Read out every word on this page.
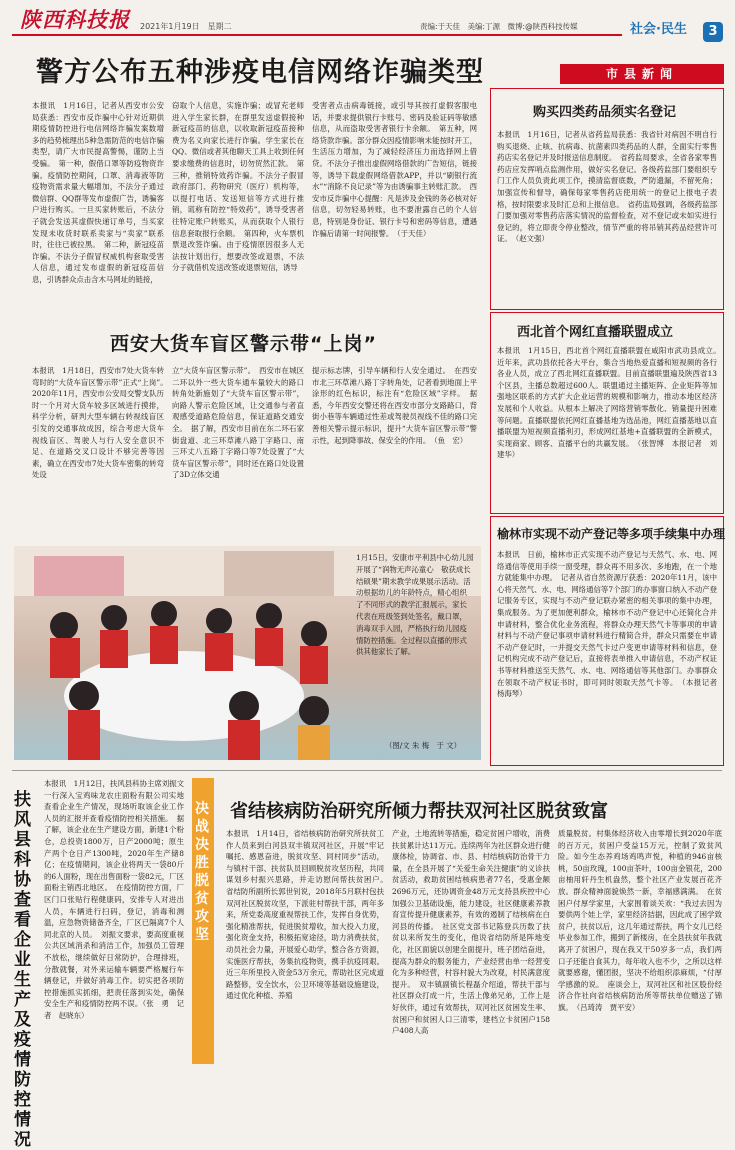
陕西科技报 2021年1月19日　星期二	责编:于天佳　美编:丁源　微博:@陕西科技传媒	社会·民生	3
警方公布五种涉疫电信网络诈骗类型
本报讯　1月16日，记者从西安市公安局获悉：西安市反诈骗中心针对近期供期疫情防控进行电信网络诈骗发案数增多的趋势梳理出5种急需防范的电信诈骗类型，请广大市民提高警惕，谨防上当受骗。　第一种，假借口罩等防疫物资诈骗。疫情防控期间，口罩、消毒液等防疫物资需求量大幅增加，不法分子通过微信群、QQ群等发布虚假广告，诱骗客户进行购买。一旦买家转账后，不法分子就会发送其虚假快递订单号，当买家发现未收货时联系卖家与“卖家”联系时，往往已被拉黑。　第二种，新冠疫苗诈骗。不法分子假冒权威机构套取受害人信息，通过发布虚假的新冠疫苗信息，引诱群众点击含木马网址的链接，
窃取个人信息，实施诈骗；或冒充老师进入学生家长群，在群里发送虚假接种新冠疫苗的信息，以收取新冠疫苗接种费为名义向家长进行诈骗。学生家长在QQ、微信或者其他聊天工具上收到任何要求缴费的信息时，切勿贸然汇款。　第三种，推销特效药诈骗。不法分子假冒政府部门、药物研究（医疗）机构等，以提打电话、发送短信等方式进行推销，谎称有防控“特效药”，诱导受害者往特定账户转账买，从而获取个人银行信息套取报行余额。　第四种，火车票机票退改签诈骗。由于疫情原因很多人无法按计划出行，想要改签或退票，不法分子就借机发送改签或退票短信，诱导
受害者点击病毒链接，或引导其按打虚假客服电话，并要求提供银行卡账号、密码及验证码等敏感信息，从而盗取受害者银行卡余额。　第五种，网络贷款诈骗。部分群众因疫情影响未能按时开工，生活压力增加，为了减轻经济压力而选择网上借贷。不法分子推出虚假网络借款的广告短信，链接等，诱导下载虚假网络借款APP，并以“刷银行流水”“消除不良记录”等为由诱骗事主转账汇款。　西安市反诈骗中心提醒：凡是涉及金钱的务必核对好信息，切勿轻易转账，也不要泄露自己的个人信息，特别是身份证、银行卡号和密码等信息，遭遇诈骗后请第一时间报警。　（于天佳）
西安大货车盲区警示带“上岗”
本报讯　1月18日，西安市7处大货车转弯时的“大货车盲区警示带”正式“上岗”。　2020年11月，西安市公安局交警支队历时一个月对大货车较多区域进行摸排，科学分析，研判大型车辆右转视线盲区引发的交通事故成因，综合考虑大货车视线盲区、驾驶人与行人安全意识不足、在道路交叉口设计不够完善等因素，确立在西安市7处大货车密集的转弯处设
立“大货车盲区警示带”。　西安市在城区二环以外一些大货车通车量较大的路口转角处新施划了“大货车盲区警示带”，向路人警示危险区域，让交通参与者直观感受道路危险信息，保证道路交通安全。　据了解，西安市目前在东二环石家街盘道、北三环草滩八路丁字路口、南三环丈八五路丁字路口等7处设置了“大货车盲区警示带”，同时还在路口处设置了3D立体交通
提示标志牌，引导车辆和行人安全通过。　在西安市北三环草滩八路丁字转角处，记者看到地面上平涂形的红色标识，标注有“危险区域”字样。　据悉，今年西安交警还将在西安市部分支路路口，背街小巷等车辆通过性差或驾驶员视线不佳的路口完善相关警示提示标识，提升“大货车盲区警示带”警示性，起到降事故、保安全的作用。　（鱼　宏）
1月15日，安康市平利县中心幼儿园开展了“润物无声沁童心　敬获成长结硕果”期末教学成果展示活动。活动根据幼儿的年龄特点，精心组织了不同形式的教学汇报展示，家长代表在班级签到处签名，戴口罩，消毒双手入园，严格执行幼儿园疫情防控措施。全过程以直播的形式供其他家长了解。
（图/文 朱 梅　于 文）
市县新闻
购买四类药品须实名登记
本报讯　1月16日，记者从省药监局获悉：我省针对病因不明自行购买退烧、止咳、抗病毒、抗菌素四类药品的人群，全面实行零售药店实名登记并及时报送信息制度。　省药监局要求，全省各家零售药店应发挥哨点监测作用，做好实名登记。各级药监部门要组织专门工作人员负责此项工作，摸清监督底数，严防遗漏，不留死角；加强宣传和督导，确保每家零售药店使用统一的登记上报电子表格，按时限要求及时汇总和上报信息。　省药监局强调，各级药监部门要加强对零售药店落实情况的监督检查，对不登记或未如实进行登记的，将立即责令停业整改，情节严重的将吊销其药品经营许可证。　（赵文强）
西北首个网红直播联盟成立
本报讯　1月15日，西北首个网红直播联盟在咸阳市武功县成立。　近年来，武功县依托各大平台，集合当地热爱直播和短视频的各行各业人员，成立了西北网红直播联盟。目前直播联盟遍及陕西省13个区县，主播总数超过600人。联盟通过主播矩阵、企业矩阵等加强地区联系的方式扩大企业运营的规模和影响力，推动本地区经济发展和个人收益。从根本上解决了网络营销零散化、销量提升困难等问题。直播联盟依托网红直播基地为选品池，网红直播基地以直播联盟为短视频直播利刃，形成网红基地+直播联盟的全新模式，实现商家、顾客、直播平台的共赢发展。　（张智博　本报记者　刘建华）
榆林市实现不动产登记等多项手续集中办理
本报讯　日前，榆林市正式实现不动产登记与天然气、水、电、网络通信等使用手续一窗受理，群众再不用多次、多地跑，在一个地方就能集中办理。　记者从省自然资源厅获悉：2020年11月，该中心将天然气、水、电、网络通信等7个部门的办事窗口纳入不动产登记服务专区，实现与不动产登记联办紧密的相关事项的集中办理，集成服务。为了更加便利群众，榆林市不动产登记中心还简化合并申请材料，整合优化业务流程，将群众办理天然气卡等事项的申请材料与不动产登记事项申请材料进行精简合并，群众只需要在申请不动产登记时，一并提交天然气卡过户变更申请等材料和信息，登记机构完成不动产登记后，直接将表单推入申请信息，不动产权证书等材料推送至天然气、水、电、网络通信等其他部门。办事群众在领取不动产权证书时，即可同时领取天然气卡等。　（本报记者　杨海琴）
扶风县科协查看企业生产及疫情防控情况
本报讯　1月12日，扶风县科协主席刘振文一行深入宝鸡味龙农庄面粉有限公司实地查看企业生产情况，现场听取该企业工作人员的汇报并查看疫情防控相关措施。　据了解，该企业在生产建设方面，新建1个粉仓，总投资1800万，日产2000吨；原生产两个仓日产1300吨，2020年生产储8亿；在疫情期间，该企业将两天一袋80斤的6人面粉，现在出售面粉一袋82元，厂区面粉主销西北地区。　在疫情防控方面，厂区门口张贴行程健康码，安排专人对进出人员，车辆进行扫码，登记，消毒和测温，应急物资储备齐全，厂区已隔离7个人同北京的人员。　刘振文要求，要高度重视公共区域消杀和消洁工作，加强员工管理不放松，继续做好日常防护，合理排班，分散就餐，对外来运输车辆要严格履行车辆登记，并做好消毒工作。切实把各项防控措施抓实抓细，把责任落到实处，确保安全生产和疫情防控两不误。（张　勇　记者　赵晓东）
决战决胜脱贫攻坚
省结核病防治研究所倾力帮扶双河社区脱贫致富
本报讯　1月14日，省结核病防治研究所扶贫工作人员来到白河县双丰镇双河社区，开展“牢记嘱托、感恩奋进，脱贫攻坚、同村同步”活动，与镇村干部、扶贫队员回顾脱贫攻坚历程，共同谋划乡村振兴思路，并走访慰问帮扶贫困户。　省结防所副所长郭世钊说，2018年5月联村包扶双河社区脱贫攻坚，下派驻村帮扶干部，两年多来，所党委高度重视帮扶工作，发挥自身优势，强化精准帮扶，促进脱贫增收，加大投入力度，强化资金支持，积极拓宽途径，助力消费扶贫，动员社会力量，开展爱心助学，整合各方资源，实施医疗帮扶，务集抗疫物资，携手抗疫同艰。近三年所里投入资金53万余元，帮助社区完成道路整修，安全饮水，公卫环境等基础设施建设，通过优化种植、养殖
产业，土地流转等措施，稳定贫困户增收，消费扶贫累计达11万元。连续两年为社区群众进行健康体检，协调省、市、县、村结核病防治骨干力量，在全县开展了“关爱生命关注健康”的义诊扶贫活动，救助贫困结核病患者77名，受惠金额2696万元，还协调资金48万元支持县疾控中心加强公卫基础设施，能力建设，社区健康素养教育宣传提升健康素养，有效的遏制了结核病在白河县的传播。　社区党支部书记陈登兵历数了扶贫以来所发生的变化，他说省结防所是阵地变化，社区面貌以创建全面提升，班子团结奋进，提高为群众的服务能力，产业经营由单一经营变化为多种经营，村容村貌大为改观，村民满意度提升。　双丰镇副镇长程磊介绍道，帮扶干部与社区群众打成一片，生活上像弟兄弟，工作上是好伙伴，通过有效帮扶，双河社区贫困发生率、贫困户和贫困人口三清零，建档立卡贫困户158户408人高
质量脱贫。村集体经济收入由零增长到2020年底的百万元，贫困户受益15万元，控制了致贫风险。如今生态养鸡场鸡鸣声悦，种植的946亩核桃，50亩玫瑰，100亩茶叶，100亩金银花，200亩柚用轩丹生机盎然，整个社区产业发展百花齐放。群众精神面貌焕然一新，幸福感满满。　在贫困户付厚学家里，大家围着谈关欢：“我过去因为要供两个娃上学，家里经济拮据，因此成了困学致贫户，扶贫以后，这几年通过帮扶，两个女儿已经毕业参加工作，搬到了新楼房，在全县扶贫年我就离开了贫困户，现在我又干50岁多一点，我们两口子还能自食其力，每年收入也不少，之所以这样就要感谢，懂团报，坚决不给组织添麻烦，“付厚学感激的说。　座谈会上，双河社区和社区股份经济合作社向省结核病防治所等帮扶单位赠送了锦旗。　（吕琦涛　贾平安）
